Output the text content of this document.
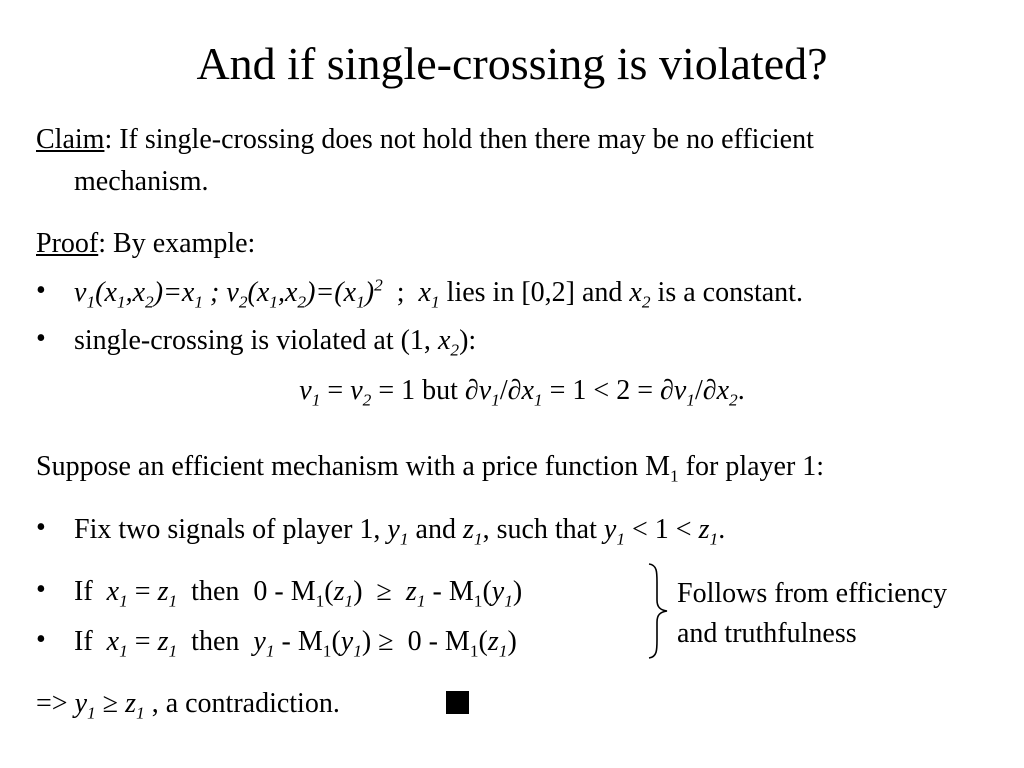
And if single-crossing is violated?
Claim: If single-crossing does not hold then there may be no efficient
mechanism.
Proof: By example:
• $v_1(x_1,x_2)=x_1$ ; $v_2(x_1,x_2)=(x_1)^2$  ;  $x_1$ lies in [0,2] and $x_2$ is a constant.
• single-crossing is violated at (1, $x_2$):
$v_1 = v_2 = 1$ but $\partial v_1/\partial x_1 = 1 < 2 = \partial v_1/\partial x_2$.
Suppose an efficient mechanism with a price function $M_1$ for player 1:
• Fix two signals of player 1, $y_1$ and $z_1$, such that $y_1 < 1 < z_1$.
• If  $x_1 = z_1$  then  $0 - M_1(z_1) \ge z_1 - M_1(y_1)$
• If  $x_1 = z_1$  then  $y_1 - M_1(y_1) \ge 0 - M_1(z_1)$
Follows from efficiency
and truthfulness
=> $y_1 \ge z_1$ , a contradiction.
